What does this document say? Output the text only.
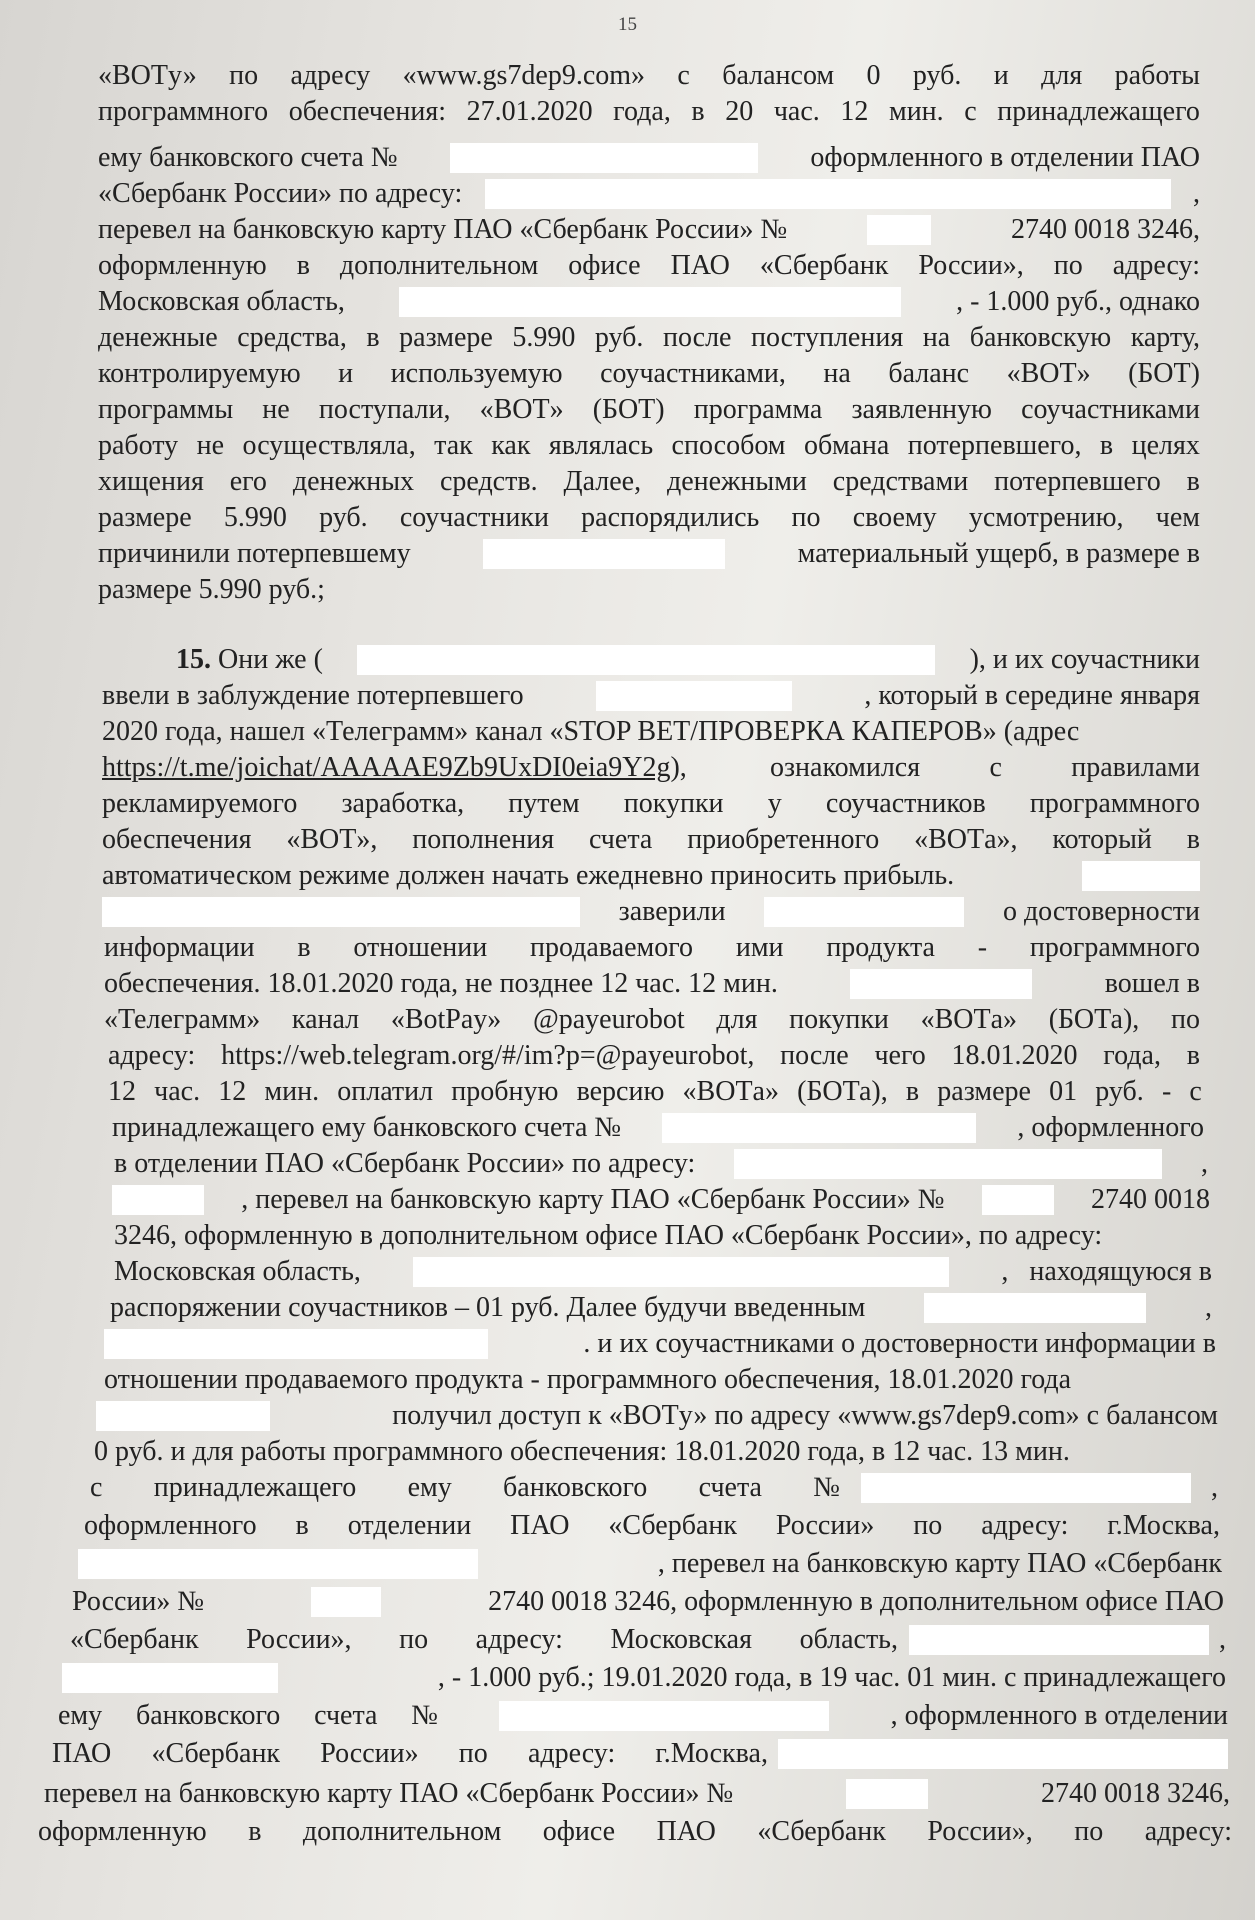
15
«BOTу» по адресу «www.gs7dep9.com» с балансом 0 руб. и для работы
программного обеспечения: 27.01.2020 года, в 20 час. 12 мин. с принадлежащего
ему банковского счета №	оформленного в отделении ПАО
«Сбербанк России» по адресу:	,
перевел на банковскую карту ПАО «Сбербанк России» №	2740 0018 3246,
оформленную в дополнительном офисе ПАО «Сбербанк России», по адресу:
Московская область,	, - 1.000 руб., однако
денежные средства, в размере 5.990 руб. после поступления на банковскую карту,
контролируемую и используемую соучастниками, на баланс «BOT» (БОТ)
программы не поступали, «BOT» (БОТ) программа заявленную соучастниками
работу не осуществляла, так как являлась способом обмана потерпевшего, в целях
хищения его денежных средств. Далее, денежными средствами потерпевшего в
размере 5.990 руб. соучастники распорядились по своему усмотрению, чем
причинили потерпевшему	материальный ущерб, в размере в
размере 5.990 руб.;
15. Они же (	), и их соучастники
ввели в заблуждение потерпевшего	, который в середине января
2020 года, нашел «Телеграмм» канал «STOP BET/ПРОВЕРКА КАПЕРОВ» (адрес
https://t.me/joichat/AAAAAE9Zb9UxDI0eia9Y2g),	ознакомился с правилами
рекламируемого заработка, путем покупки у соучастников программного
обеспечения «BOT», пополнения счета приобретенного «BOTа», который в
автоматическом режиме должен начать ежедневно приносить прибыль.
заверили	о достоверности
информации в отношении продаваемого ими продукта - программного
обеспечения. 18.01.2020 года, не позднее 12 час. 12 мин.	вошел в
«Телеграмм» канал «BotPay» @payeurobot для покупки «BOTа» (БОТа), по
адресу: https://web.telegram.org/#/im?p=@payeurobot, после чего 18.01.2020 года, в
12 час. 12 мин. оплатил пробную версию «BOTа» (БОТа), в размере 01 руб. - с
принадлежащего ему банковского счета №	, оформленного
в отделении ПАО «Сбербанк России» по адресу:	,
, перевел на банковскую карту ПАО «Сбербанк России» №	2740 0018
3246, оформленную в дополнительном офисе ПАО «Сбербанк России», по адресу:
Московская область,	, находящуюся в
распоряжении соучастников – 01 руб. Далее будучи введенным	,
. и их соучастниками о достоверности информации в
отношении продаваемого продукта - программного обеспечения, 18.01.2020 года
получил доступ к «BOTу» по адресу «www.gs7dep9.com» с балансом
0 руб. и для работы программного обеспечения: 18.01.2020 года, в 12 час. 13 мин.
с принадлежащего ему банковского счета №	,
оформленного в отделении ПАО «Сбербанк России» по адресу: г.Москва,
, перевел на банковскую карту ПАО «Сбербанк
России» №	2740 0018 3246, оформленную в дополнительном офисе ПАО
«Сбербанк России», по адресу: Московская область,	,
, - 1.000 руб.; 19.01.2020 года, в 19 час. 01 мин. с принадлежащего
ему банковского счета №	, оформленного в отделении
ПАО «Сбербанк России» по адресу: г.Москва,
перевел на банковскую карту ПАО «Сбербанк России» №	2740 0018 3246,
оформленную в дополнительном офисе ПАО «Сбербанк России», по адресу:
